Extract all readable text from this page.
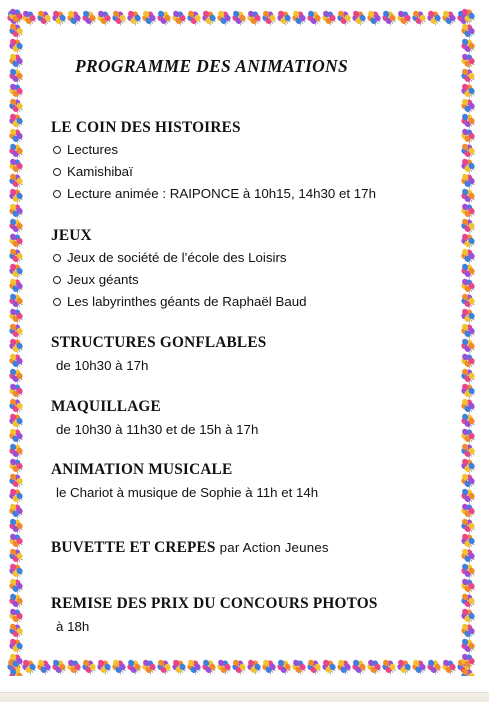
PROGRAMME DES ANIMATIONS
LE COIN DES HISTOIRES
Lectures
Kamishibaï
Lecture animée : RAIPONCE à 10h15, 14h30 et 17h
JEUX
Jeux de société de l’école des Loisirs
Jeux géants
Les labyrinthes géants de Raphaël Baud
STRUCTURES GONFLABLES
de 10h30 à 17h
MAQUILLAGE
de 10h30 à 11h30 et de 15h à 17h
ANIMATION MUSICALE
le Chariot à musique de Sophie à 11h et 14h
BUVETTE ET CREPES par Action Jeunes
REMISE DES PRIX DU CONCOURS PHOTOS
à 18h
